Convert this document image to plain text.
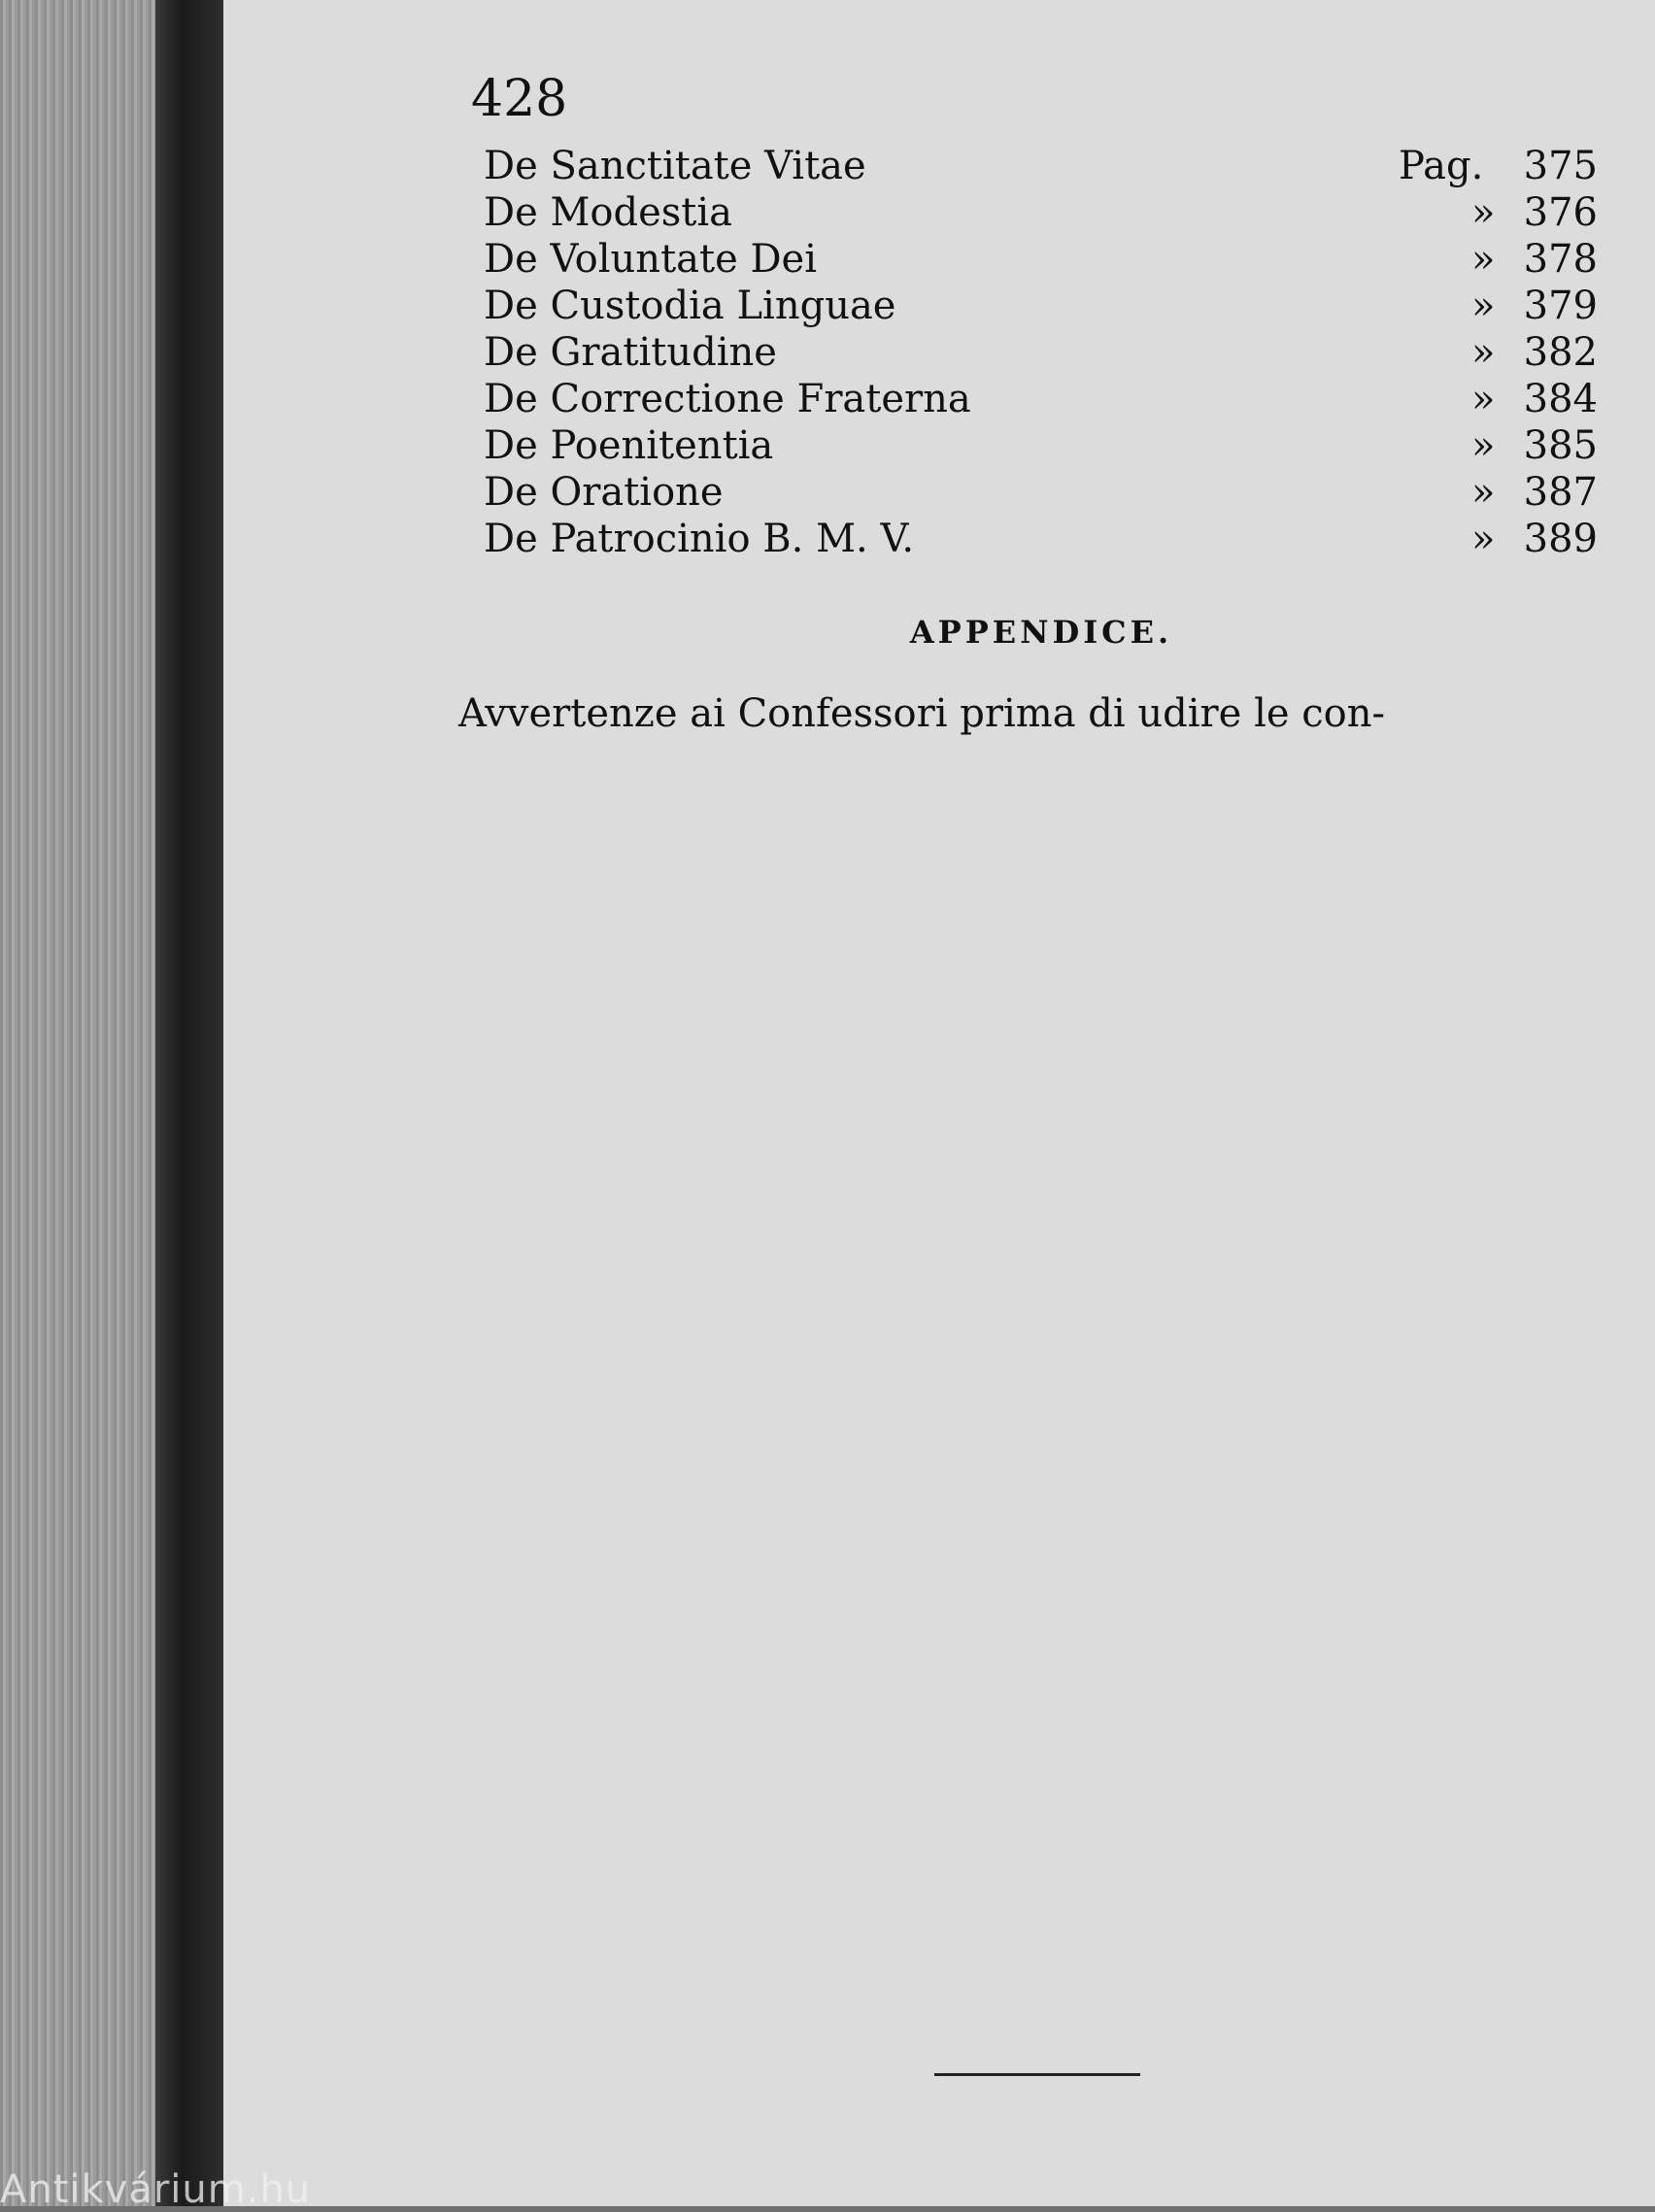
428
De Sanctitate Vitae	Pag. 375
De Modestia	» 376
De Voluntate Dei	» 378
De Custodia Linguae	» 379
De Gratitudine	» 382
De Correctione Fraterna	» 384
De Poenitentia	» 385
De Oratione	» 387
De Patrocinio B. M. V.	» 389
Avvertenze ai Confessori prima di udire le con-
APPENDICE.
Antikvárium.hu
